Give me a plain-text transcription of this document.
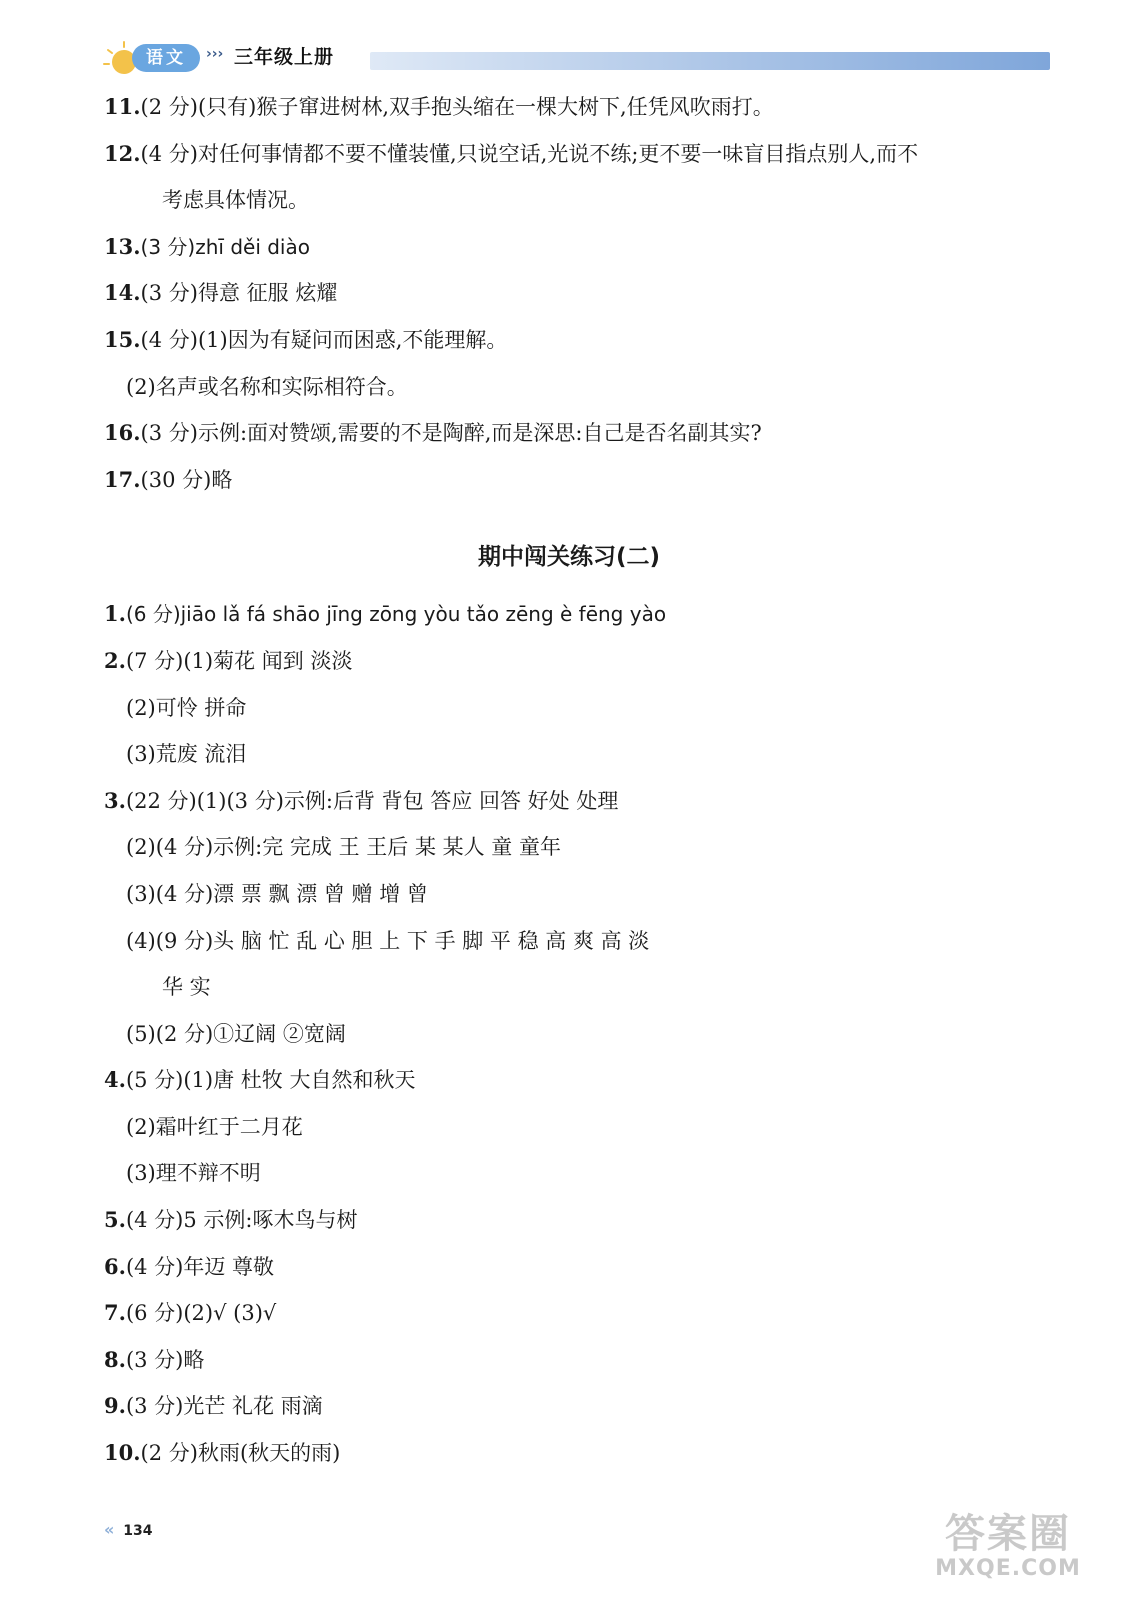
语文	››› 三年级上册
11.(2 分)(只有)猴子窜进树林,双手抱头缩在一棵大树下,任凭风吹雨打。
12.(4 分)对任何事情都不要不懂装懂,只说空话,光说不练;更不要一味盲目指点别人,而不
考虑具体情况。
13.(3 分)zhī děi diào
14.(3 分)得意 征服 炫耀
15.(4 分)(1)因为有疑问而困惑,不能理解。
(2)名声或名称和实际相符合。
16.(3 分)示例:面对赞颂,需要的不是陶醉,而是深思:自己是否名副其实?
17.(30 分)略
期中闯关练习(二)
1.(6 分)jiāo lǎ fá shāo jīng zōng yòu tǎo zēng è fēng yào
2.(7 分)(1)菊花 闻到 淡淡
(2)可怜 拼命
(3)荒废 流泪
3.(22 分)(1)(3 分)示例:后背 背包 答应 回答 好处 处理
(2)(4 分)示例:完 完成 王 王后 某 某人 童 童年
(3)(4 分)漂 票 飘 漂 曾 赠 增 曾
(4)(9 分)头 脑 忙 乱 心 胆 上 下 手 脚 平 稳 高 爽 高 淡
华 实
(5)(2 分)①辽阔 ②宽阔
4.(5 分)(1)唐 杜牧 大自然和秋天
(2)霜叶红于二月花
(3)理不辩不明
5.(4 分)5 示例:啄木鸟与树
6.(4 分)年迈 尊敬
7.(6 分)(2)√ (3)√
8.(3 分)略
9.(3 分)光芒 礼花 雨滴
10.(2 分)秋雨(秋天的雨)
« 134	答案圈
MXQE.COM
